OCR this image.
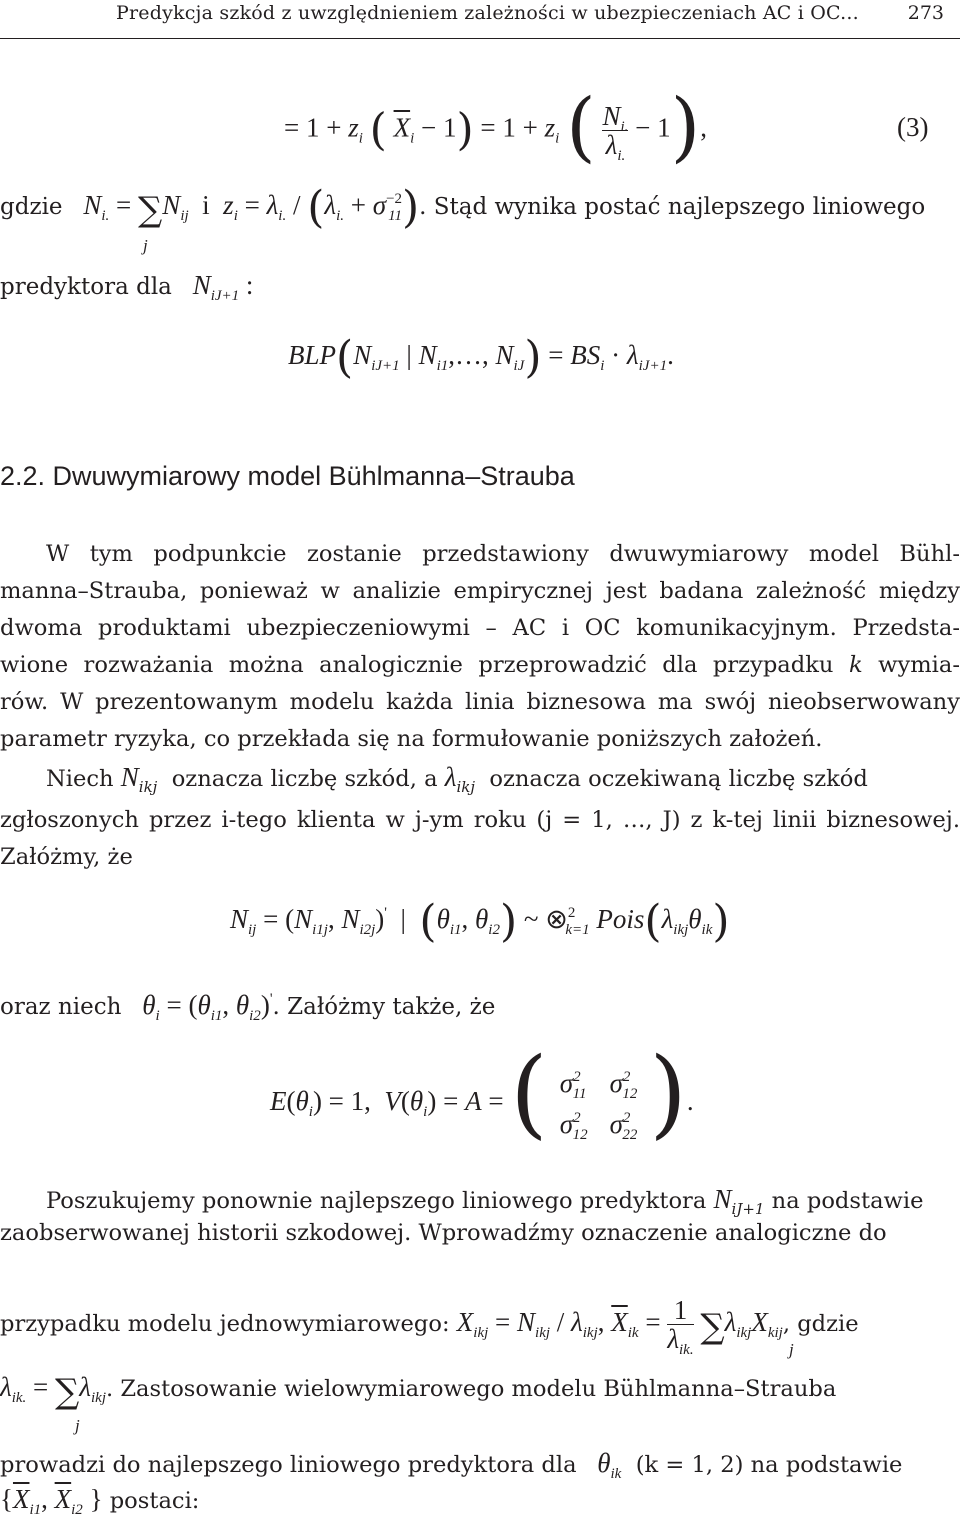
Predykcja szkód z uwzględnieniem zależności w ubezpieczeniach AC i OC...	273
= $1 + z_i$ ( $\overline{X}_i - 1) = 1 + z_i$ ( $\frac{N_{i.}}{\lambda_{i.}} - 1$),	(3)
gdzie $N_{i.} = \sum N_{ij}$  i  $z_i = \lambda_{i.} / (\lambda_{i.} + \sigma^{-2}_{11})$. Stąd wynika postać najlepszego liniowego
j
predyktora dla $N_{iJ+1}$ :
$BLP(N_{iJ+1}$ | $N_{i1},\dots$, $N_{iJ}) = BS_i \cdot \lambda_{iJ+1}$.
2.2. Dwuwymiarowy model Bühlmanna–Strauba
W tym podpunkcie zostanie przedstawiony dwuwymiarowy model Bühl-
manna–Strauba, ponieważ w analizie empirycznej jest badana zależność między
dwoma produktami ubezpieczeniowymi – AC i OC komunikacyjnym. Przedsta-
wione rozważania można analogicznie przeprowadzić dla przypadku k wymia-
rów. W prezentowanym modelu każda linia biznesowa ma swój nieobserwowany
parametr ryzyka, co przekłada się na formułowanie poniższych założeń.
Niech $N_{ikj}$ oznacza liczbę szkód, a $\lambda_{ikj}$ oznacza oczekiwaną liczbę szkód
zgłoszonych przez i-tego klienta w j-ym roku (j = 1, …, J) z k-tej linii biznesowej.
Załóżmy, że
$N_{ij} = (N_{i1j}$, $N_{i2j})'$  |  ($\theta_{i1}$, $\theta_{i2}$) ~ ⊗$^2_{k=1}$ $Pois(\lambda_{ikj}\theta_{ik})$
oraz niech $\theta_i = (\theta_{i1}$, $\theta_{i2})'$. Załóżmy także, że
$E(\theta_i) = 1$,  $V(\theta_i) = A$ = ( $\sigma^2_{11}$	$\sigma^2_{12}$
$\sigma^2_{12}$	$\sigma^2_{22}$ ).
Poszukujemy ponownie najlepszego liniowego predyktora $N_{iJ+1}$ na podstawie
zaobserwowanej historii szkodowej. Wprowadźmy oznaczenie analogiczne do
przypadku modelu jednowymiarowego: $X_{ikj} = N_{ikj} / \lambda_{ikj}$, $\overline{X}_{ik} = \frac{1}{\lambda_{ik.}} \sum\lambda_{ikj}X_{kij}$, gdzie
j
$\lambda_{ik.} = \sum\lambda_{ikj}$. Zastosowanie wielowymiarowego modelu Bühlmanna–Strauba
j
prowadzi do najlepszego liniowego predyktora dla $\theta_{ik}$ (k = 1, 2) na podstawie
{$\overline{X}_{i1}$, $\overline{X}_{i2}$ } postaci:
